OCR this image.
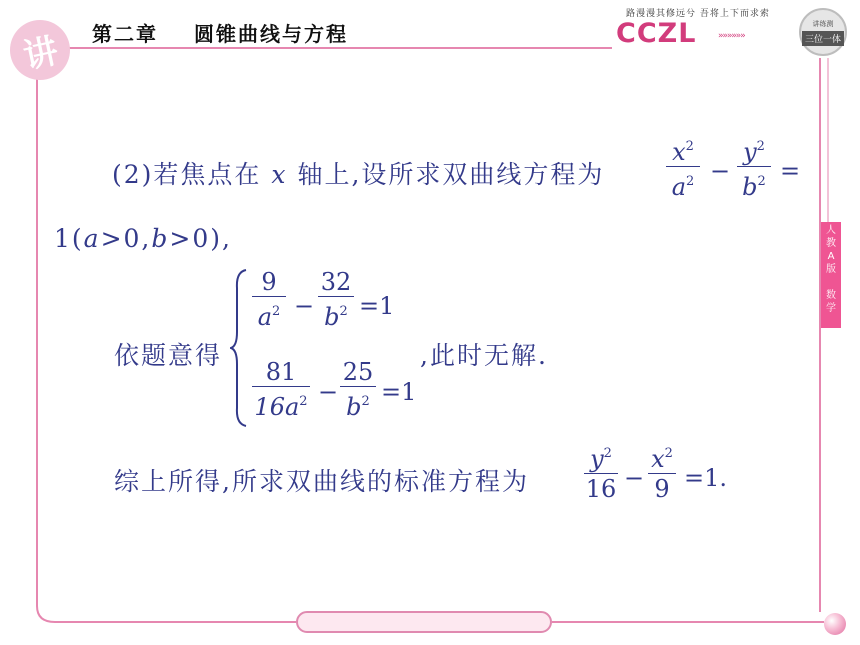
讲 第二章 圆锥曲线与方程
路漫漫其修远兮 吾将上下而求索
CCZL »»»»»»
讲练测
三位一体
人
教
A
版
数
学
(2)若焦点在 x 轴上,设所求双曲线方程为
$x^2$
$a^2$ −
$y^2$
$b^2$ =
1(a>0,b>0),
依题意得
9
$a^2$ −
32
$b^2 =1$
81
$16a^2$ −
25
$b^2 =1$
,此时无解.
综上所得,所求双曲线的标准方程为
$y^2$
16 −
$x^2$
9 =1.
